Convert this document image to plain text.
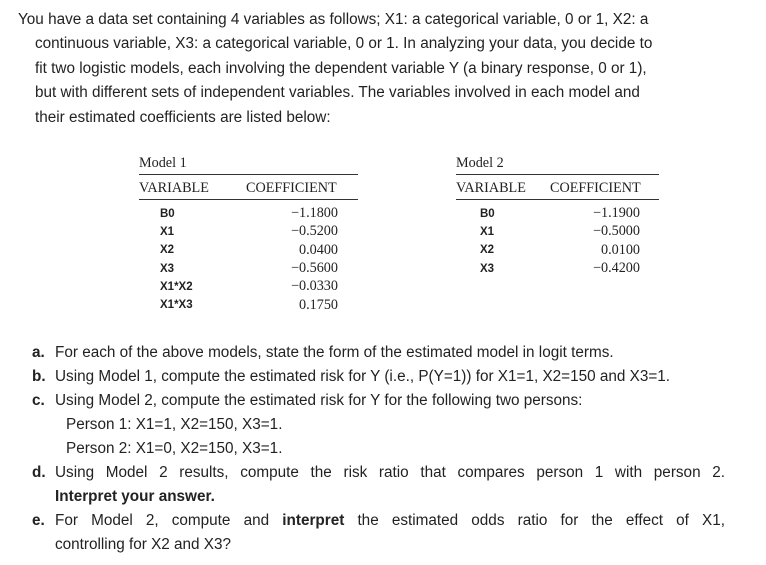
You have a data set containing 4 variables as follows; X1: a categorical variable, 0 or 1, X2: a
continuous variable, X3: a categorical variable, 0 or 1. In analyzing your data, you decide to
fit two logistic models, each involving the dependent variable Y (a binary response, 0 or 1),
but with different sets of independent variables. The variables involved in each model and
their estimated coefficients are listed below:
Model 1
VARIABLE	COEFFICIENT
B0
X1
X2
X3
X1*X2
X1*X3
−1.1800
−0.5200
0.0400
−0.5600
−0.0330
0.1750
Model 2
VARIABLE COEFFICIENT
B0
X1
X2
X3
−1.1900
−0.5000
0.0100
−0.4200
a. For each of the above models, state the form of the estimated model in logit terms.
b. Using Model 1, compute the estimated risk for Y (i.e., P(Y=1)) for X1=1, X2=150 and X3=1.
c. Using Model 2, compute the estimated risk for Y for the following two persons:
Person 1: X1=1, X2=150, X3=1.
Person 2: X1=0, X2=150, X3=1.
d. Using Model 2 results, compute the risk ratio that compares person 1 with person 2.
Interpret your answer.
e. For Model 2, compute and interpret the estimated odds ratio for the effect of X1,
controlling for X2 and X3?
